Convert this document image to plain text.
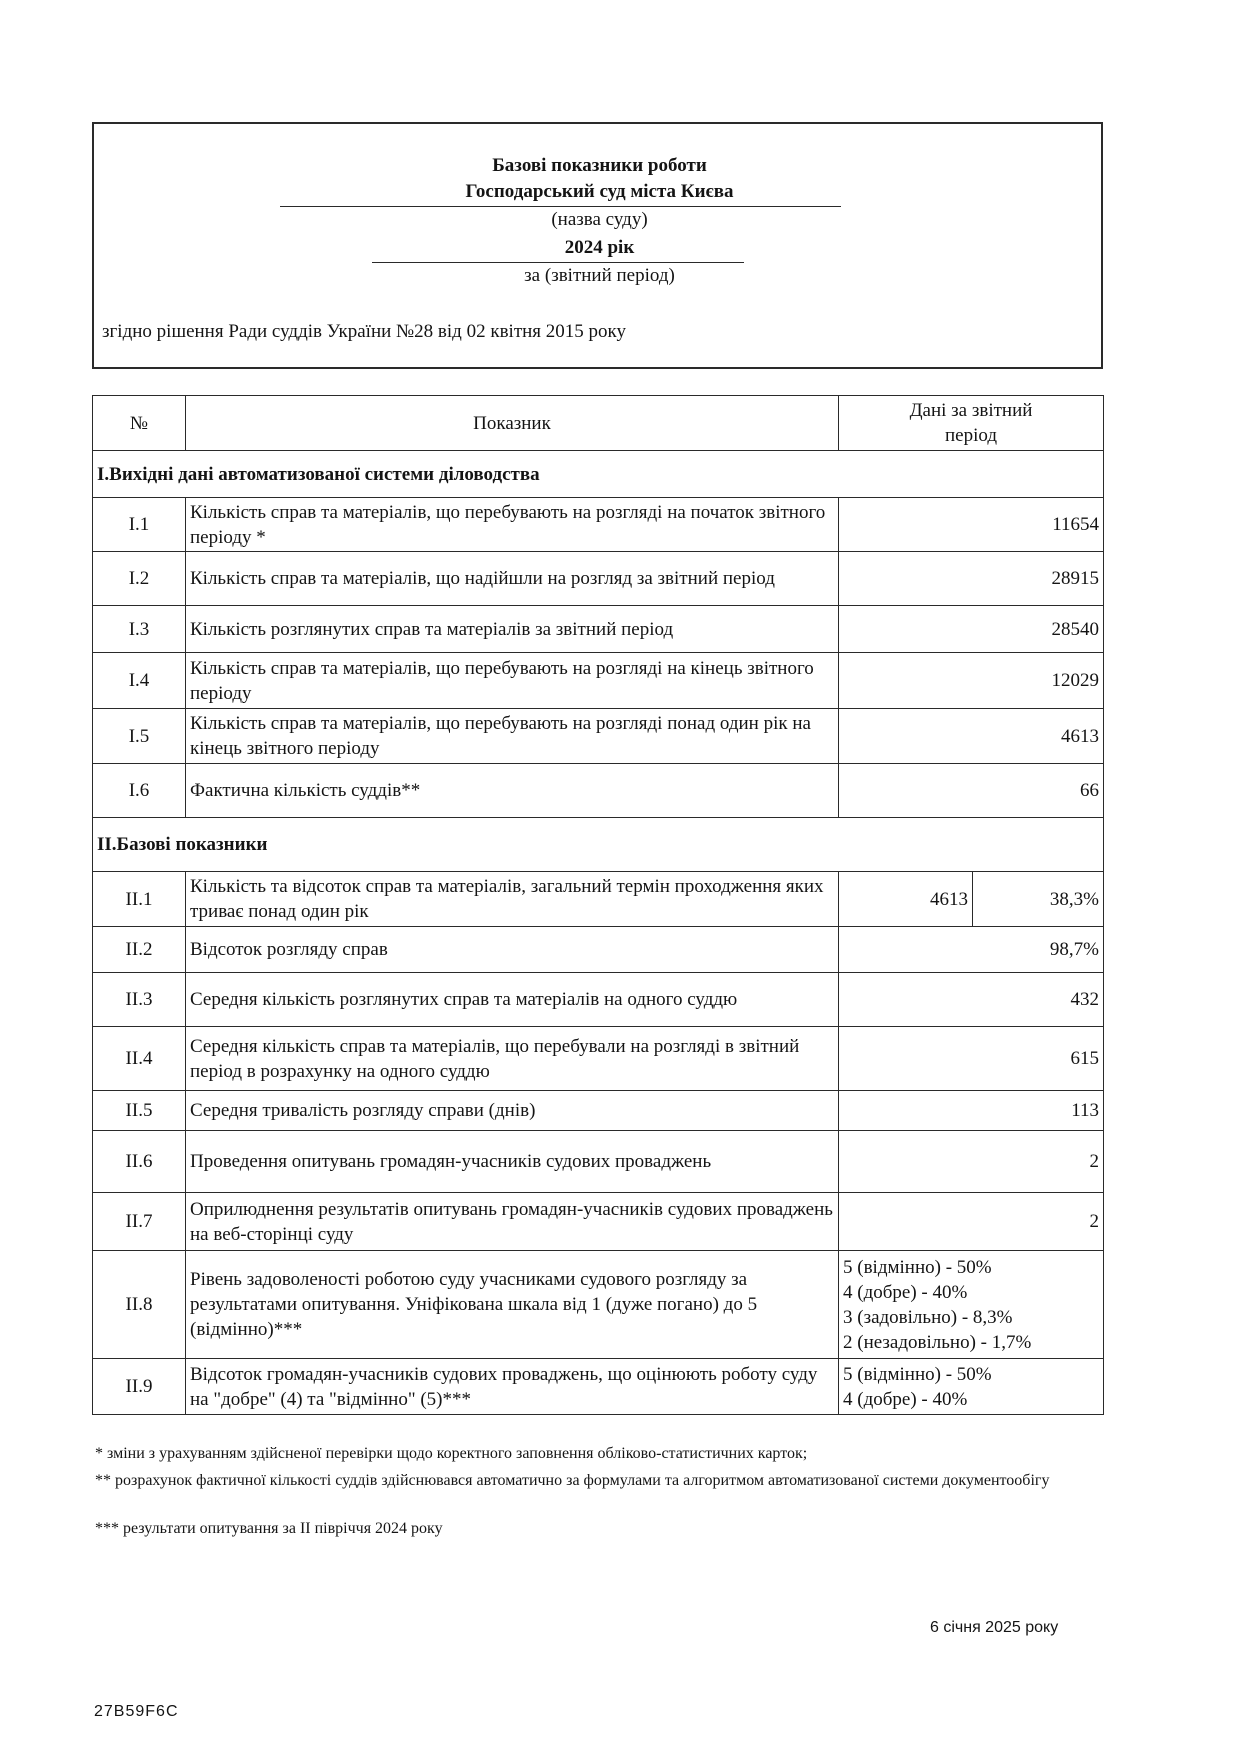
Базові показники роботи
Господарський суд міста Києва
(назва суду)
2024 рік
за (звітний період)
згідно рішення Ради суддів України №28 від 02 квітня 2015 року
№	Показник	Дані за звітний
період	

I.Вихідні дані автоматизованої системи діловодства			
I.1	Кількість справ та матеріалів, що перебувають на розгляді на початок звітного періоду *	11654	
I.2	Кількість справ та матеріалів, що надійшли на розгляд за звітний період	28915	
I.3	Кількість розглянутих справ та матеріалів за звітний період	28540	
I.4	Кількість справ та матеріалів, що перебувають на розгляді на кінець звітного періоду	12029	
I.5	Кількість справ та матеріалів, що перебувають на розгляді понад один рік на кінець звітного періоду	4613	
I.6	Фактична кількість суддів**	66	
II.Базові показники			
II.1	Кількість та відсоток справ та матеріалів, загальний термін проходження яких триває понад один рік	4613	38,3%
II.2	Відсоток розгляду справ	98,7%	
II.3	Середня кількість розглянутих справ та матеріалів на одного суддю	432	
II.4	Середня кількість справ та матеріалів, що перебували на розгляді в звітний період в розрахунку на одного суддю	615	
II.5	Середня тривалість розгляду справи (днів)	113	
II.6	Проведення опитувань громадян-учасників судових проваджень	2	
II.7	Оприлюднення результатів опитувань громадян-учасників судових проваджень на веб-сторінці суду	2	
II.8	Рівень задоволеності роботою суду учасниками судового розгляду за результатами опитування. Уніфікована шкала від 1 (дуже погано) до 5 (відмінно)***	5 (відмінно) - 50%
4 (добре) - 40%
3 (задовільно) - 8,3%
2 (незадовільно) - 1,7%	

II.9	Відсоток громадян-учасників судових проваджень, що оцінюють роботу суду на "добре" (4) та "відмінно" (5)***	5 (відмінно) - 50%
4 (добре) - 40%	
* зміни з урахуванням здійсненої перевірки щодо коректного заповнення обліково-статистичних карток;
** розрахунок фактичної кількості суддів здійснювався автоматично за формулами та алгоритмом автоматизованої системи документообігу
*** результати опитування за II півріччя 2024 року
6 січня 2025 року
27B59F6C
